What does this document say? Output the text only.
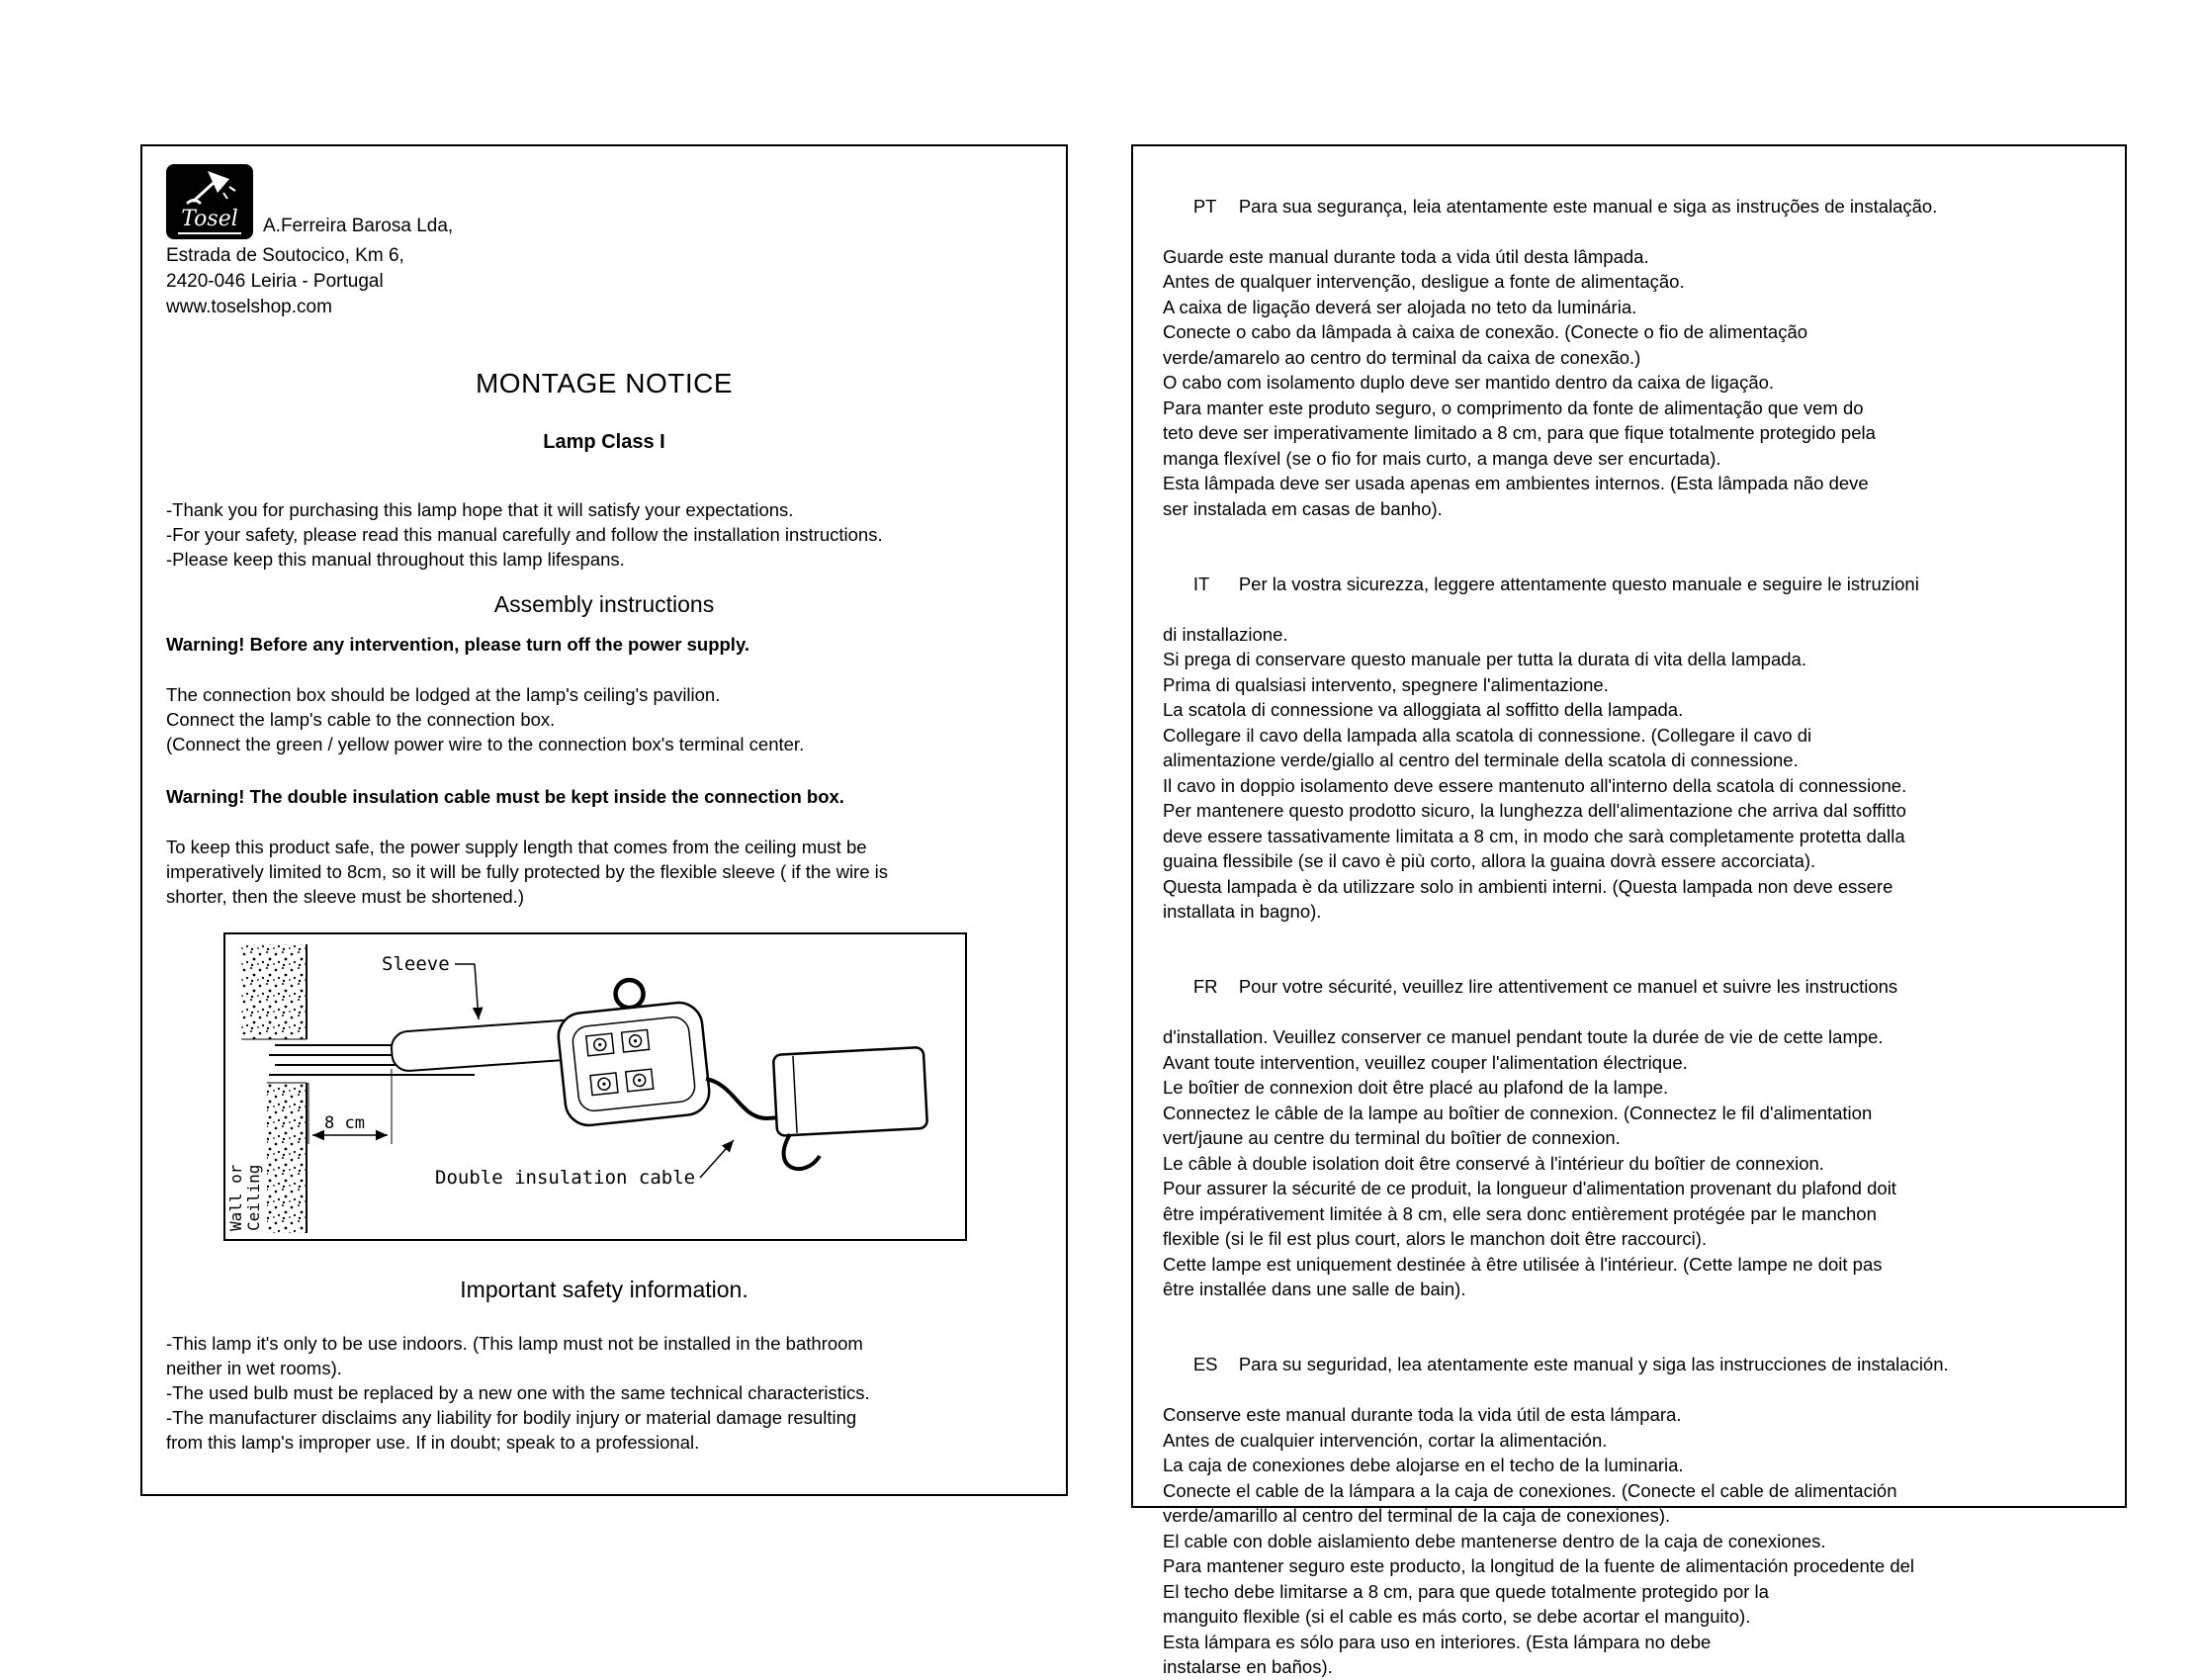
Tosel A.Ferreira Barosa Lda,
Estrada de Soutocico, Km 6,
2420-046 Leiria - Portugal
www.toselshop.com
MONTAGE NOTICE
Lamp Class I
-Thank you for purchasing this lamp hope that it will satisfy your expectations.
-For your safety, please read this manual carefully and follow the installation instructions.
-Please keep this manual throughout this lamp lifespans.
Assembly instructions

Warning! Before any intervention, please turn off the power supply.

The connection box should be lodged at the lamp's ceiling's pavilion.
Connect the lamp's cable to the connection box.
(Connect the green / yellow power wire to the connection box's terminal center.

Warning! The double insulation cable must be kept inside the connection box.

To keep this product safe, the power supply length that comes from the ceiling must be
imperatively limited to 8cm, so it will be fully protected by the flexible sleeve ( if the wire is
shorter, then the sleeve must be shortened.)
8 cm
Sleeve
Double insulation cable
Wall or Ceiling
Important safety information.
-This lamp it's only to be use indoors. (This lamp must not be installed in the bathroom
neither in wet rooms).
-The used bulb must be replaced by a new one with the same technical characteristics.
-The manufacturer disclaims any liability for bodily injury or material damage resulting
from this lamp's improper use. If in doubt; speak to a professional.

PT Para sua segurança, leia atentamente este manual e siga as instruções de instalação.

Guarde este manual durante toda a vida útil desta lâmpada.
Antes de qualquer intervenção, desligue a fonte de alimentação.
A caixa de ligação deverá ser alojada no teto da luminária.
Conecte o cabo da lâmpada à caixa de conexão. (Conecte o fio de alimentação
verde/amarelo ao centro do terminal da caixa de conexão.)
O cabo com isolamento duplo deve ser mantido dentro da caixa de ligação.
Para manter este produto seguro, o comprimento da fonte de alimentação que vem do
teto deve ser imperativamente limitado a 8 cm, para que fique totalmente protegido pela
manga flexível (se o fio for mais curto, a manga deve ser encurtada).
Esta lâmpada deve ser usada apenas em ambientes internos. (Esta lâmpada não deve
ser instalada em casas de banho).

IT Per la vostra sicurezza, leggere attentamente questo manuale e seguire le istruzioni

di installazione.
Si prega di conservare questo manuale per tutta la durata di vita della lampada.
Prima di qualsiasi intervento, spegnere l'alimentazione.
La scatola di connessione va alloggiata al soffitto della lampada.
Collegare il cavo della lampada alla scatola di connessione. (Collegare il cavo di
alimentazione verde/giallo al centro del terminale della scatola di connessione.
Il cavo in doppio isolamento deve essere mantenuto all'interno della scatola di connessione.
Per mantenere questo prodotto sicuro, la lunghezza dell'alimentazione che arriva dal soffitto
deve essere tassativamente limitata a 8 cm, in modo che sarà completamente protetta dalla
guaina flessibile (se il cavo è più corto, allora la guaina dovrà essere accorciata).
Questa lampada è da utilizzare solo in ambienti interni. (Questa lampada non deve essere
installata in bagno).

FR Pour votre sécurité, veuillez lire attentivement ce manuel et suivre les instructions

d'installation. Veuillez conserver ce manuel pendant toute la durée de vie de cette lampe.
Avant toute intervention, veuillez couper l'alimentation électrique.
Le boîtier de connexion doit être placé au plafond de la lampe.
Connectez le câble de la lampe au boîtier de connexion. (Connectez le fil d'alimentation
vert/jaune au centre du terminal du boîtier de connexion.
Le câble à double isolation doit être conservé à l'intérieur du boîtier de connexion.
Pour assurer la sécurité de ce produit, la longueur d'alimentation provenant du plafond doit
être impérativement limitée à 8 cm, elle sera donc entièrement protégée par le manchon
flexible (si le fil est plus court, alors le manchon doit être raccourci).
Cette lampe est uniquement destinée à être utilisée à l'intérieur. (Cette lampe ne doit pas
être installée dans une salle de bain).

ES Para su seguridad, lea atentamente este manual y siga las instrucciones de instalación.

Conserve este manual durante toda la vida útil de esta lámpara.
Antes de cualquier intervención, cortar la alimentación.
La caja de conexiones debe alojarse en el techo de la luminaria.
Conecte el cable de la lámpara a la caja de conexiones. (Conecte el cable de alimentación
verde/amarillo al centro del terminal de la caja de conexiones).
El cable con doble aislamiento debe mantenerse dentro de la caja de conexiones.
Para mantener seguro este producto, la longitud de la fuente de alimentación procedente del
El techo debe limitarse a 8 cm, para que quede totalmente protegido por la
manguito flexible (si el cable es más corto, se debe acortar el manguito).
Esta lámpara es sólo para uso en interiores. (Esta lámpara no debe
instalarse en baños).
